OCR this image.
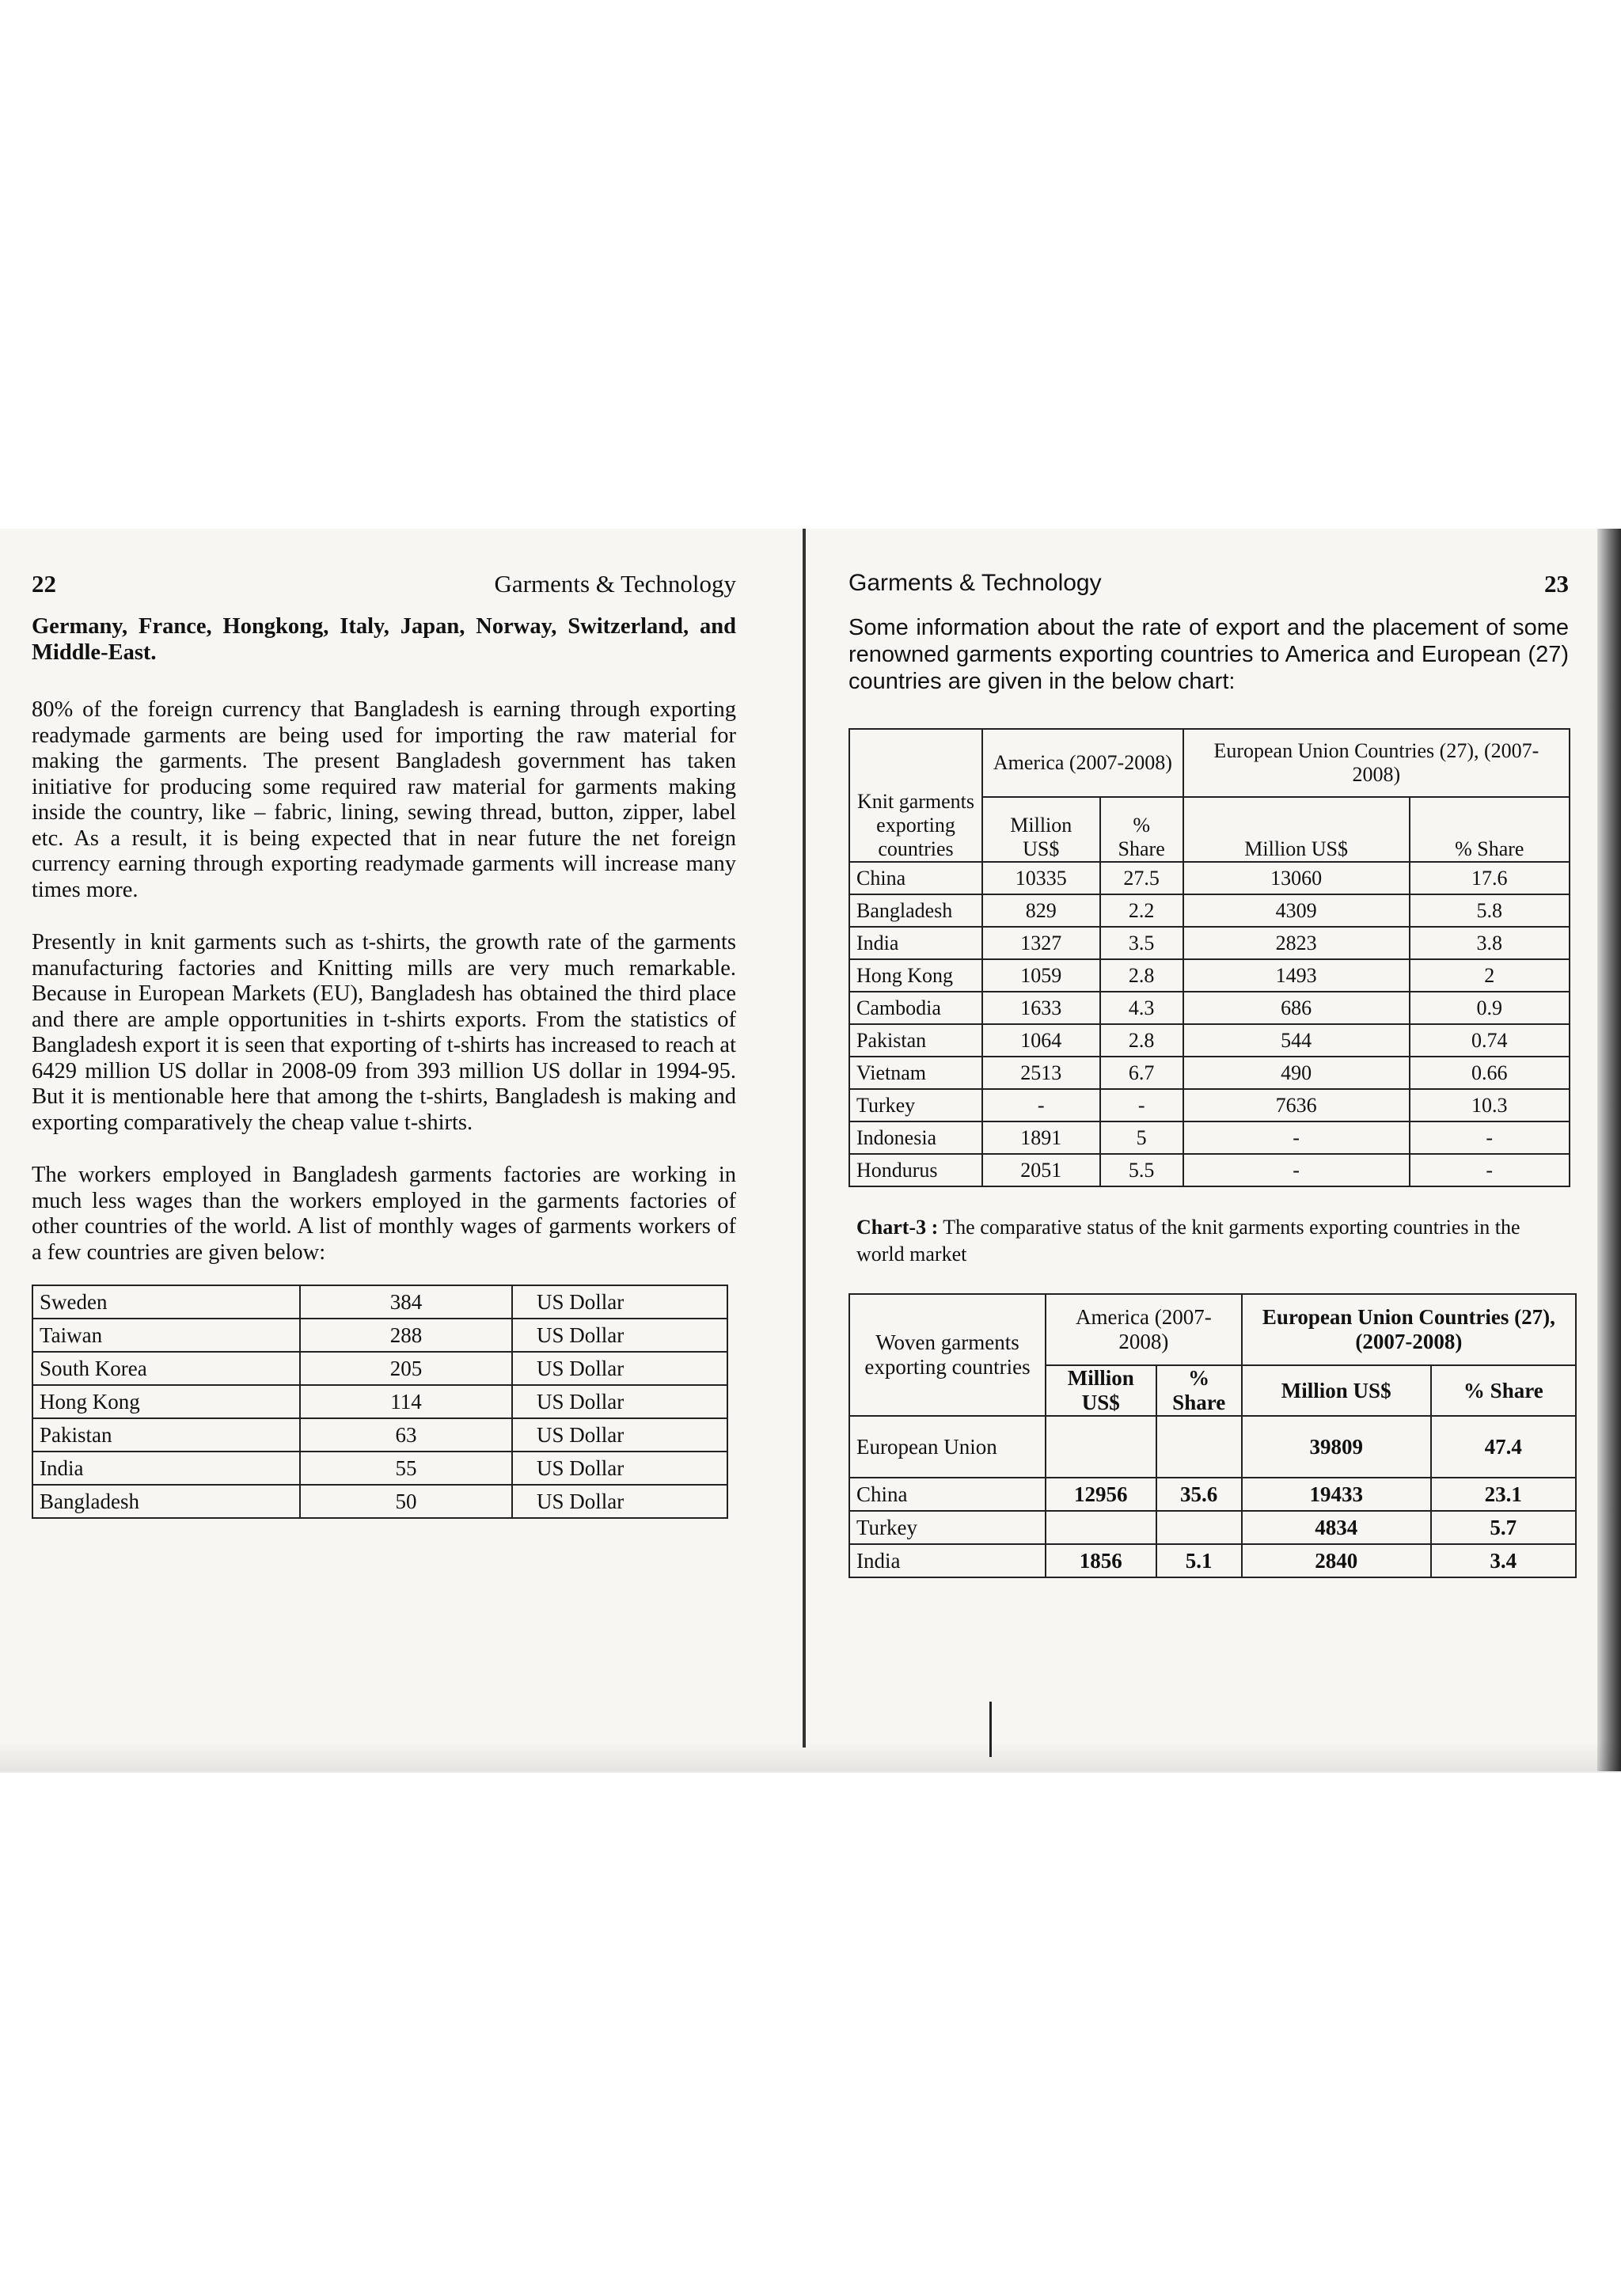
22	Garments & Technology

Germany, France, Hongkong, Italy, Japan, Norway, Switzerland, and Middle-East.

80% of the foreign currency that Bangladesh is earning through exporting readymade garments are being used for importing the raw material for making the garments. The present Bangladesh government has taken initiative for producing some required raw material for garments making inside the country, like – fabric, lining, sewing thread, button, zipper, label etc. As a result, it is being expected that in near future the net foreign currency earning through exporting readymade garments will increase many times more.

Presently in knit garments such as t-shirts, the growth rate of the garments manufacturing factories and Knitting mills are very much remarkable. Because in European Markets (EU), Bangladesh has obtained the third place and there are ample opportunities in t-shirts exports. From the statistics of Bangladesh export it is seen that exporting of t-shirts has increased to reach at 6429 million US dollar in 2008-09 from 393 million US dollar in 1994-95. But it is mentionable here that among the t-shirts, Bangladesh is making and exporting comparatively the cheap value t-shirts.

The workers employed in Bangladesh garments factories are working in much less wages than the workers employed in the garments factories of other countries of the world. A list of monthly wages of garments workers of a few countries are given below:

Sweden	384	US Dollar
Taiwan	288	US Dollar
South Korea	205	US Dollar
Hong Kong	114	US Dollar
Pakistan	63	US Dollar
India	55	US Dollar
Bangladesh	50	US Dollar
Garments & Technology	23

Some information about the rate of export and the placement of some renowned garments exporting countries to America and European (27) countries are given in the below chart:

Knit garments exporting countries	America (2007-2008)		European Union Countries (27), (2007-2008)	
	Million US$	% Share	Million US$	% Share
China	10335	27.5	13060	17.6
Bangladesh	829	2.2	4309	5.8
India	1327	3.5	2823	3.8
Hong Kong	1059	2.8	1493	2
Cambodia	1633	4.3	686	0.9
Pakistan	1064	2.8	544	0.74
Vietnam	2513	6.7	490	0.66
Turkey	-	-	7636	10.3
Indonesia	1891	5	-	-
Hondurus	2051	5.5	-	-
Chart-3 : The comparative status of the knit garments exporting countries in the world market
Woven garments exporting countries	America (2007-2008)		European Union Countries (27), (2007-2008)	
	Million US$	% Share	Million US$	% Share
European Union			39809	47.4
China	12956	35.6	19433	23.1
Turkey			4834	5.7
India	1856	5.1	2840	3.4
